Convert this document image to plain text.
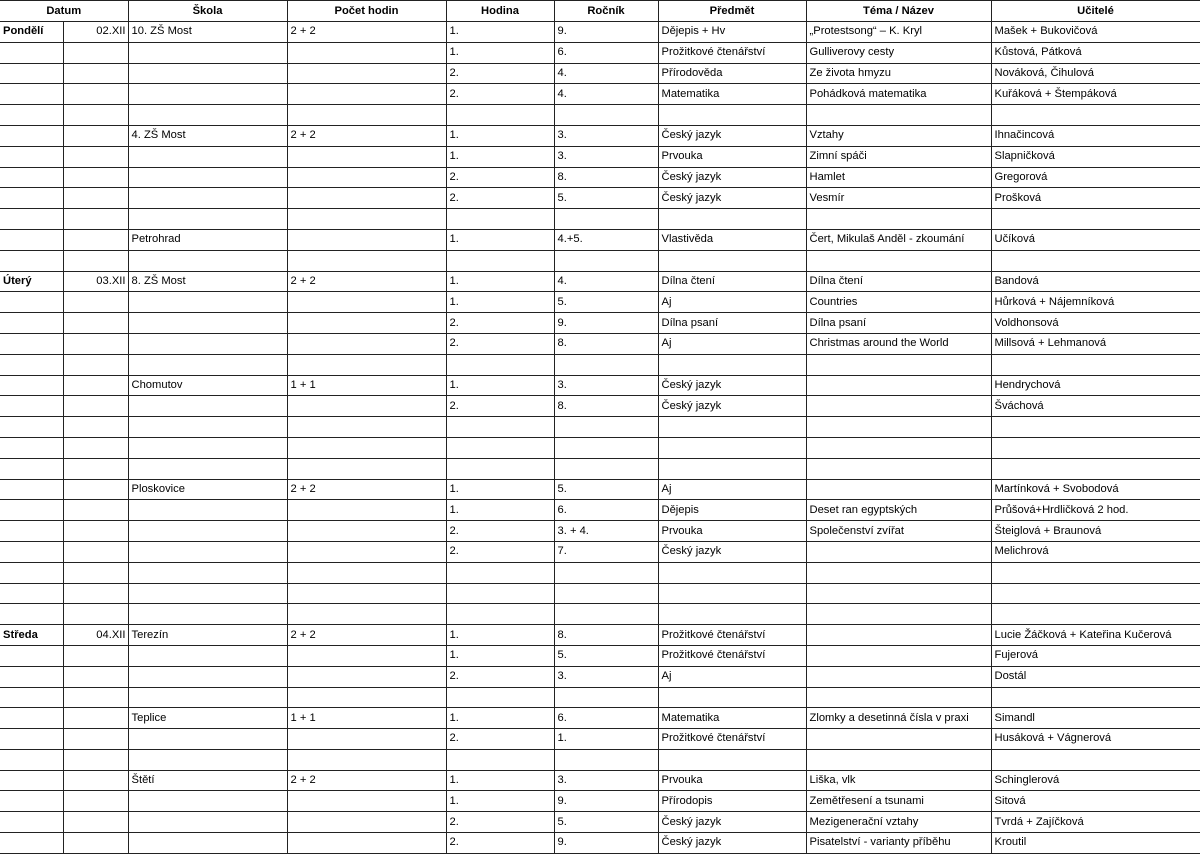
Datum		Škola	Počet hodin	Hodina	Ročník	Předmět	Téma / Název	Učitelé
Pondělí	02.XII	10. ZŠ Most	2 + 2	1.	9.	Dějepis + Hv	„Protestsong“ – K. Kryl	Mašek + Bukovičová
				1.	6.	Prožitkové čtenářství	Gulliverovy cesty	Kůstová, Pátková
				2.	4.	Přírodověda	Ze života hmyzu	Nováková, Čihulová
				2.	4.	Matematika	Pohádková matematika	Kuřáková + Štempáková

		4. ZŠ Most	2 + 2	1.	3.	Český jazyk	Vztahy	Ihnačincová
				1.	3.	Prvouka	Zimní spáči	Slapničková
				2.	8.	Český jazyk	Hamlet	Gregorová
				2.	5.	Český jazyk	Vesmír	Prošková

		Petrohrad		1.	4.+5.	Vlastivěda	Čert, Mikulaš Anděl - zkoumání	Učíková

Úterý	03.XII	8. ZŠ Most	2 + 2	1.	4.	Dílna čtení	Dílna čtení	Bandová
				1.	5.	Aj	Countries	Hůrková + Nájemníková
				2.	9.	Dílna psaní	Dílna psaní	Voldhonsová
				2.	8.	Aj	Christmas around the World	Millsová + Lehmanová

		Chomutov	1 + 1	1.	3.	Český jazyk		Hendrychová
				2.	8.	Český jazyk		Šváchová

		Ploskovice	2 + 2	1.	5.	Aj		Martínková + Svobodová
				1.	6.	Dějepis	Deset ran egyptských	Průšová+Hrdličková 2 hod.
				2.	3. + 4.	Prvouka	Společenství zvířat	Šteiglová + Braunová
				2.	7.	Český jazyk		Melichrová

Středa	04.XII	Terezín	2 + 2	1.	8.	Prožitkové čtenářství		Lucie Žáčková + Kateřina Kučerová
				1.	5.	Prožitkové čtenářství		Fujerová
				2.	3.	Aj		Dostál

		Teplice	1 + 1	1.	6.	Matematika	Zlomky a desetinná čísla v praxi	Simandl
				2.	1.	Prožitkové čtenářství		Husáková + Vágnerová

		Štětí	2 + 2	1.	3.	Prvouka	Liška, vlk	Schinglerová
				1.	9.	Přírodopis	Zemětřesení a tsunami	Sitová
				2.	5.	Český jazyk	Mezigenerační vztahy	Tvrdá + Zajíčková
				2.	9.	Český jazyk	Pisatelství - varianty příběhu	Kroutil
